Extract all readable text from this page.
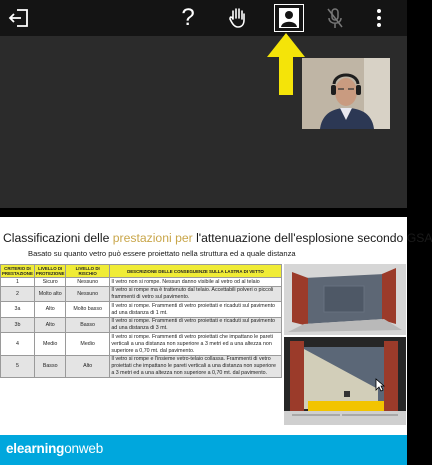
?
Classificazioni delle prestazioni per l'attenuazione dell'esplosione secondo GSA
Basato su quanto vetro può essere proiettato nella struttura ed a quale distanza
CRITERIO DI PRESTAZIONE	LIVELLO DI PROTEZIONE	LIVELLO DI RISCHIO	DESCRIZIONE DELLE CONSEGUENZE SULLA LASTRA DI VETTO
1	Sicuro	Nessuno	Il vetro non si rompe. Nessun danno visibile al vetro od al telaio
2	Molto alto	Nessuno	Il vetro si rompe ma è trattenuto dal telaio. Accettabili polveri o piccoli frammenti di vetro sul pavimento.
3a	Alto	Molto basso	Il vetro si rompe. Frammenti di vetro proiettati e ricaduti sul pavimento ad una distanza di 1 mt.
3b	Alto	Basso	Il vetro si rompe. Frammenti di vetro proiettati e ricaduti sul pavimento ad una distanza di 3 mt.
4	Medio	Medio	Il vetro si rompe. Frammenti di vetro proiettati che impattano le pareti verticali a una distanza non superiore a 3 metri ed a una altezza non superiore a 0,70 mt. dal pavimento.
5	Basso	Alto	Il vetro si rompe e l'insieme vetro-telaio collassa. Frammenti di vetro proiettati che impattano le pareti verticali a una distanza non superiore a 3 metri ed a una altezza non superiore a 0,70 mt. dal pavimento.
elearningonweb
